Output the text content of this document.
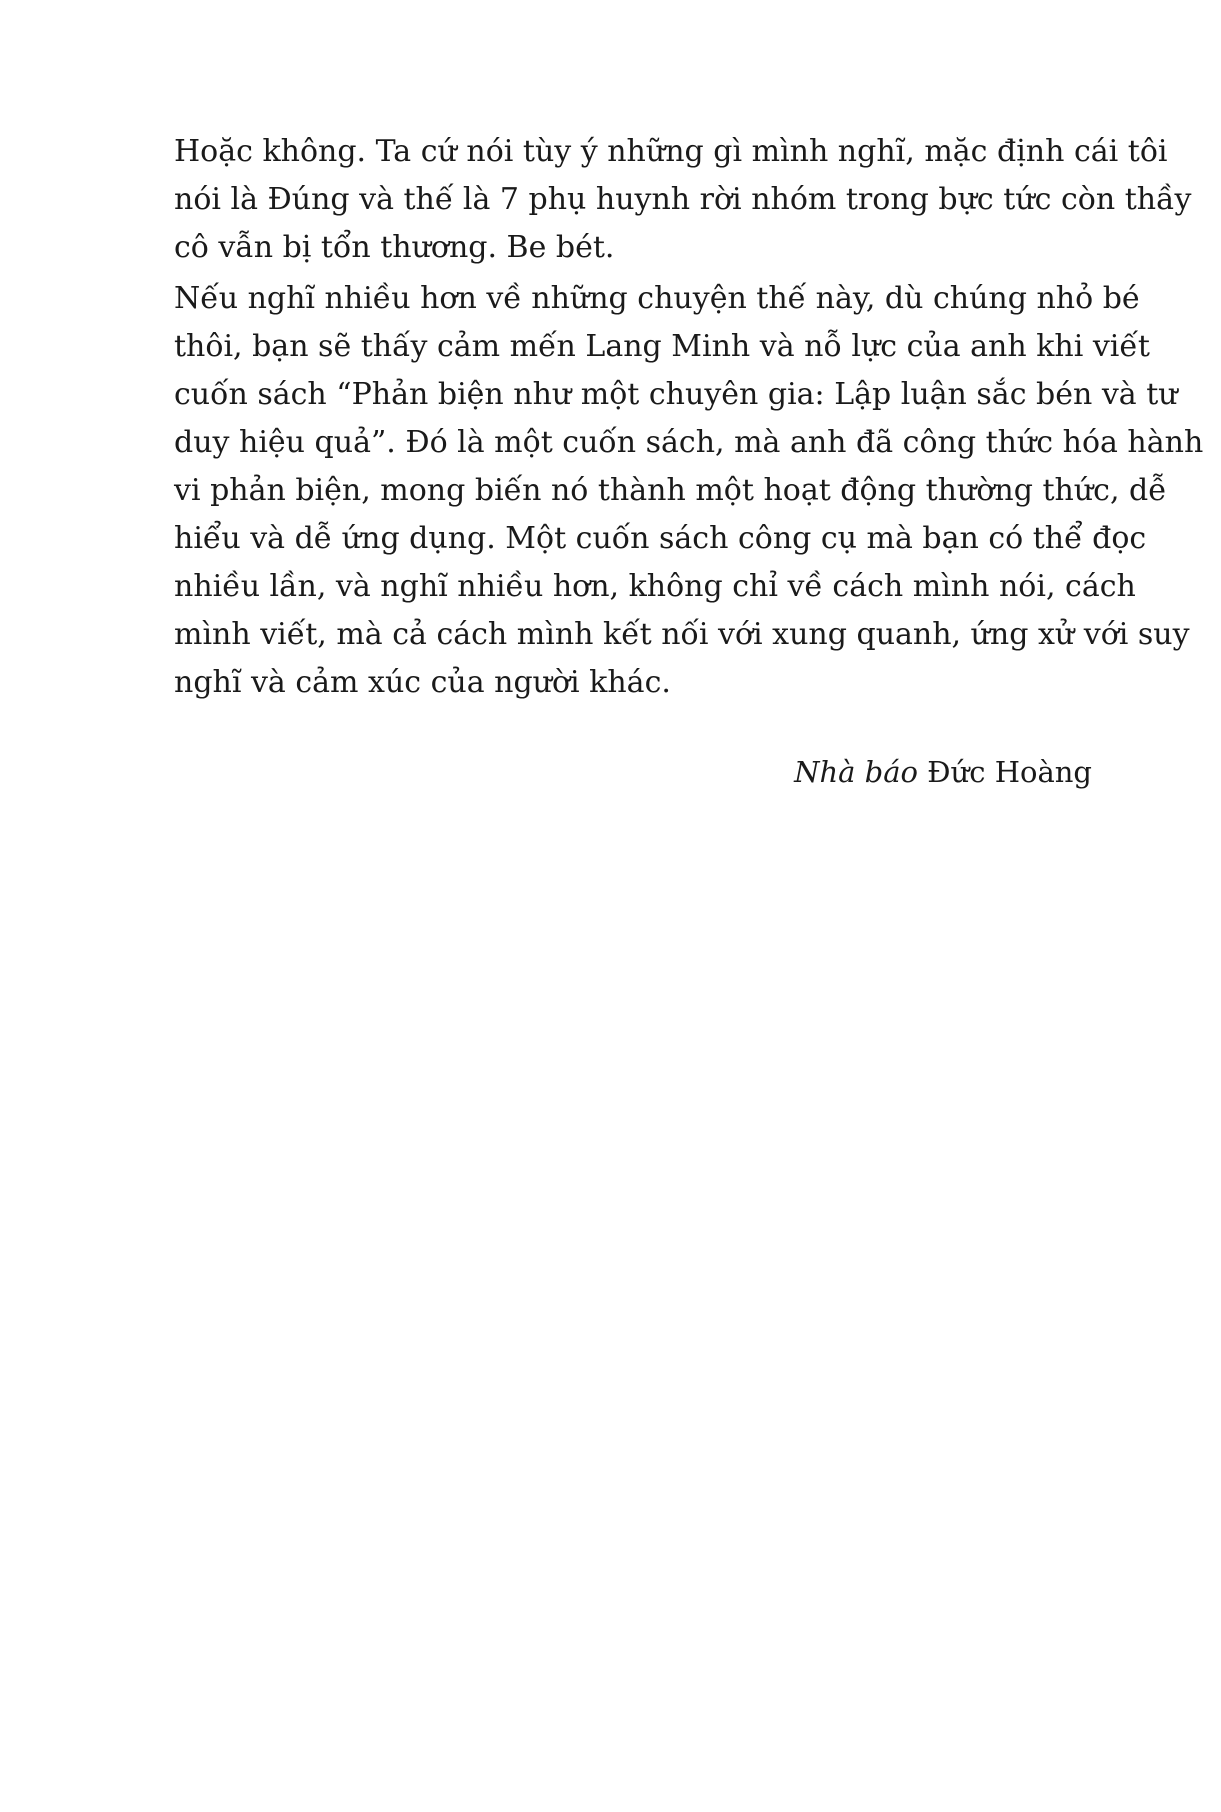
Hoặc không. Ta cứ nói tùy ý những gì mình nghĩ, mặc định cái tôi
nói là Đúng và thế là 7 phụ huynh rời nhóm trong bực tức còn thầy
cô vẫn bị tổn thương. Be bét.
Nếu nghĩ nhiều hơn về những chuyện thế này, dù chúng nhỏ bé
thôi, bạn sẽ thấy cảm mến Lang Minh và nỗ lực của anh khi viết
cuốn sách “Phản biện như một chuyên gia: Lập luận sắc bén và tư
duy hiệu quả”. Đó là một cuốn sách, mà anh đã công thức hóa hành
vi phản biện, mong biến nó thành một hoạt động thường thức, dễ
hiểu và dễ ứng dụng. Một cuốn sách công cụ mà bạn có thể đọc
nhiều lần, và nghĩ nhiều hơn, không chỉ về cách mình nói, cách
mình viết, mà cả cách mình kết nối với xung quanh, ứng xử với suy
nghĩ và cảm xúc của người khác.
Nhà báo Đức Hoàng
